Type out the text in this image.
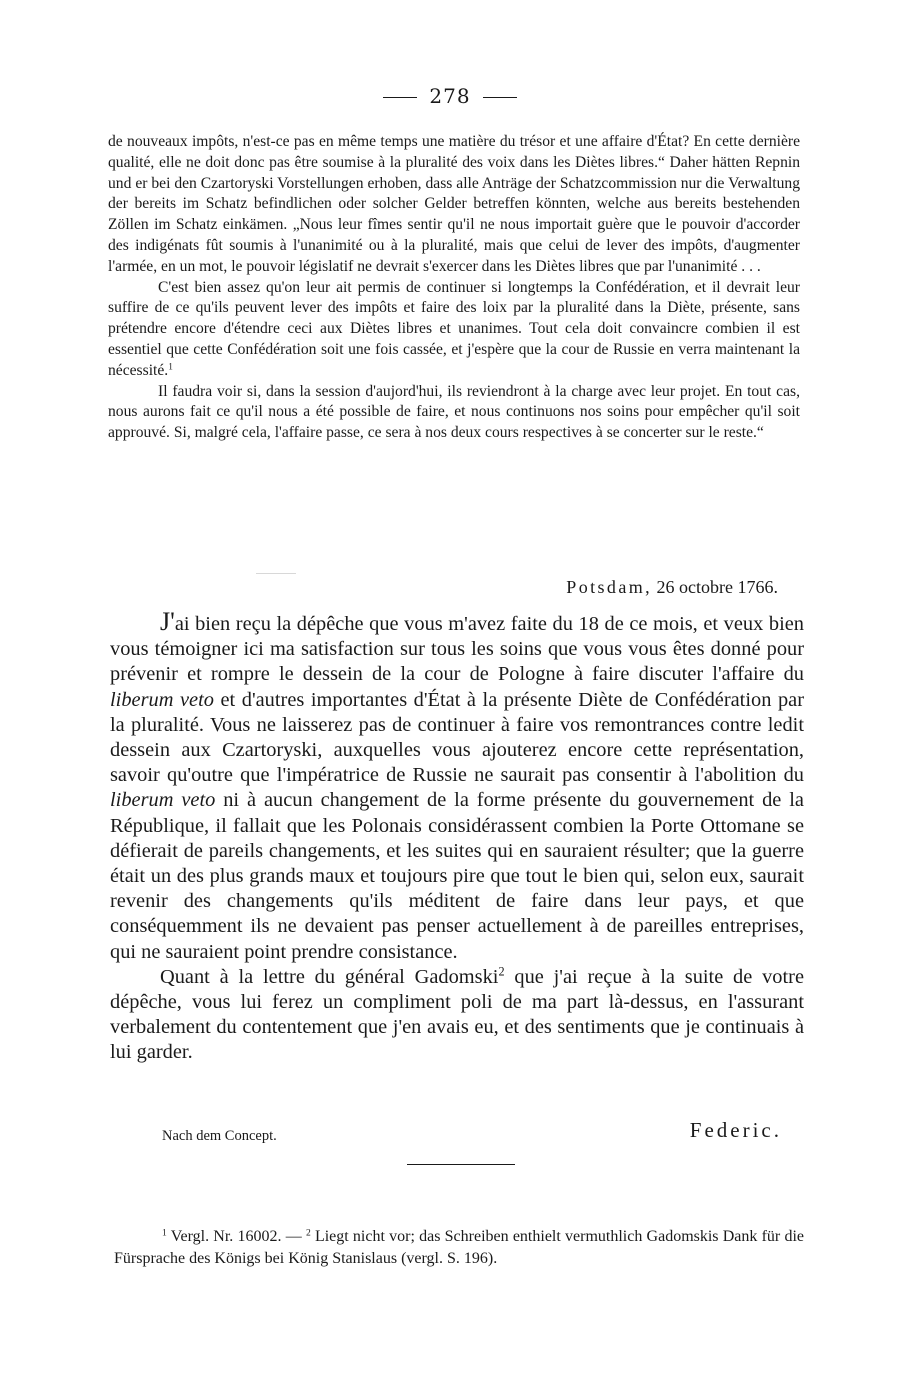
278

de nouveaux impôts, n'est-ce pas en même temps une matière du trésor et une affaire d'État? En cette dernière qualité, elle ne doit donc pas être soumise à la pluralité des voix dans les Diètes libres.“ Daher hätten Repnin und er bei den Czartoryski Vorstellungen erhoben, dass alle Anträge der Schatzcommission nur die Verwaltung der bereits im Schatz befindlichen oder solcher Gelder betreffen könnten, welche aus bereits bestehenden Zöllen im Schatz einkämen. „Nous leur fîmes sentir qu'il ne nous importait guère que le pouvoir d'accorder des indigénats fût soumis à l'unanimité ou à la pluralité, mais que celui de lever des impôts, d'augmenter l'armée, en un mot, le pouvoir législatif ne devrait s'exercer dans les Diètes libres que par l'unanimité . . .

C'est bien assez qu'on leur ait permis de continuer si longtemps la Confédération, et il devrait leur suffire de ce qu'ils peuvent lever des impôts et faire des loix par la pluralité dans la Diète, présente, sans prétendre encore d'étendre ceci aux Diètes libres et unanimes. Tout cela doit convaincre combien il est essentiel que cette Confédération soit une fois cassée, et j'espère que la cour de Russie en verra maintenant la nécessité.$^1$

Il faudra voir si, dans la session d'aujord'hui, ils reviendront à la charge avec leur projet. En tout cas, nous aurons fait ce qu'il nous a été possible de faire, et nous continuons nos soins pour empêcher qu'il soit approuvé. Si, malgré cela, l'affaire passe, ce sera à nos deux cours respectives à se concerter sur le reste.“

Potsdam, 26 octobre 1766.

J'ai bien reçu la dépêche que vous m'avez faite du 18 de ce mois, et veux bien vous témoigner ici ma satisfaction sur tous les soins que vous vous êtes donné pour prévenir et rompre le dessein de la cour de Pologne à faire discuter l'affaire du liberum veto et d'autres importantes d'État à la présente Diète de Confédération par la pluralité. Vous ne laisserez pas de continuer à faire vos remontrances contre ledit dessein aux Czartoryski, auxquelles vous ajouterez encore cette représentation, savoir qu'outre que l'impératrice de Russie ne saurait pas consentir à l'abolition du liberum veto ni à aucun changement de la forme présente du gouvernement de la République, il fallait que les Polonais considérassent combien la Porte Ottomane se défierait de pareils changements, et les suites qui en sauraient résulter; que la guerre était un des plus grands maux et toujours pire que tout le bien qui, selon eux, saurait revenir des changements qu'ils méditent de faire dans leur pays, et que conséquemment ils ne devaient pas penser actuellement à de pareilles entreprises, qui ne sauraient point prendre consistance.

Quant à la lettre du général Gadomski$^2$ que j'ai reçue à la suite de votre dépêche, vous lui ferez un compliment poli de ma part là-dessus, en l'assurant verbalement du contentement que j'en avais eu, et des sentiments que je continuais à lui garder.

Nach dem Concept.	Federic.

$^1$ Vergl. Nr. 16002. — $^2$ Liegt nicht vor; das Schreiben enthielt vermuthlich Gadomskis Dank für die Fürsprache des Königs bei König Stanislaus (vergl. S. 196).
